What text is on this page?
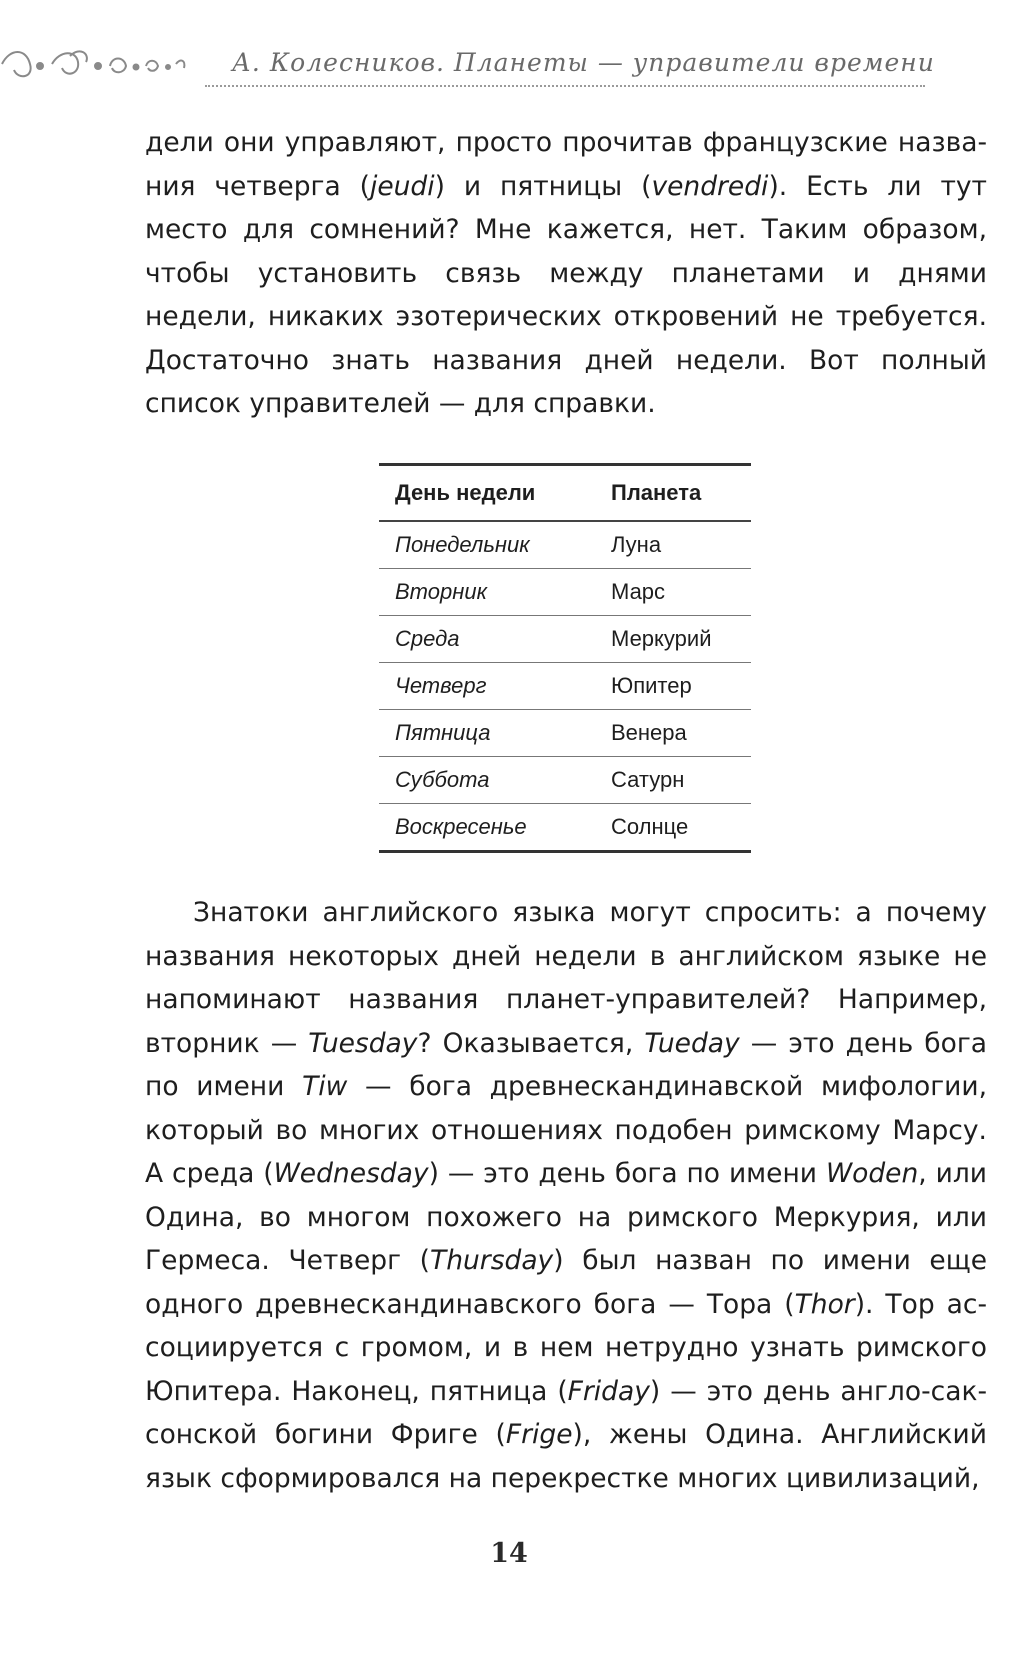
А. Колесников. Планеты — управители времени

дели они управляют, просто прочитав французские названия четверга (jeudi) и пятницы (vendredi). Есть ли тут место для сомнений? Мне кажется, нет. Таким образом, чтобы установить связь между планетами и днями недели, никаких эзотерических откровений не требуется. Достаточно знать названия дней недели. Вот полный список управителей — для справки.

День недели	Планета
Понедельник	Луна
Вторник	Марс
Среда	Меркурий
Четверг	Юпитер
Пятница	Венера
Суббота	Сатурн
Воскресенье	Солнце

Знатоки английского языка могут спросить: а почему названия некоторых дней недели в английском языке не напоминают названия планет-управителей? Например, вторник — Tuesday? Оказывается, Tueday — это день бога по имени Tiw — бога древнескандинавской мифологии, который во многих отношениях подобен римскому Марсу. А среда (Wednesday) — это день бога по имени Woden, или Одина, во многом похожего на римского Меркурия, или Гермеса. Четверг (Thursday) был назван по имени еще одного древнескандинавского бога — Тора (Thor). Тор ассоциируется с громом, и в нем нетрудно узнать римского Юпитера. Наконец, пятница (Friday) — это день англо-саксонской богини Фриге (Frige), жены Одина. Английский язык сформировался на перекрестке многих цивилизаций,

14
